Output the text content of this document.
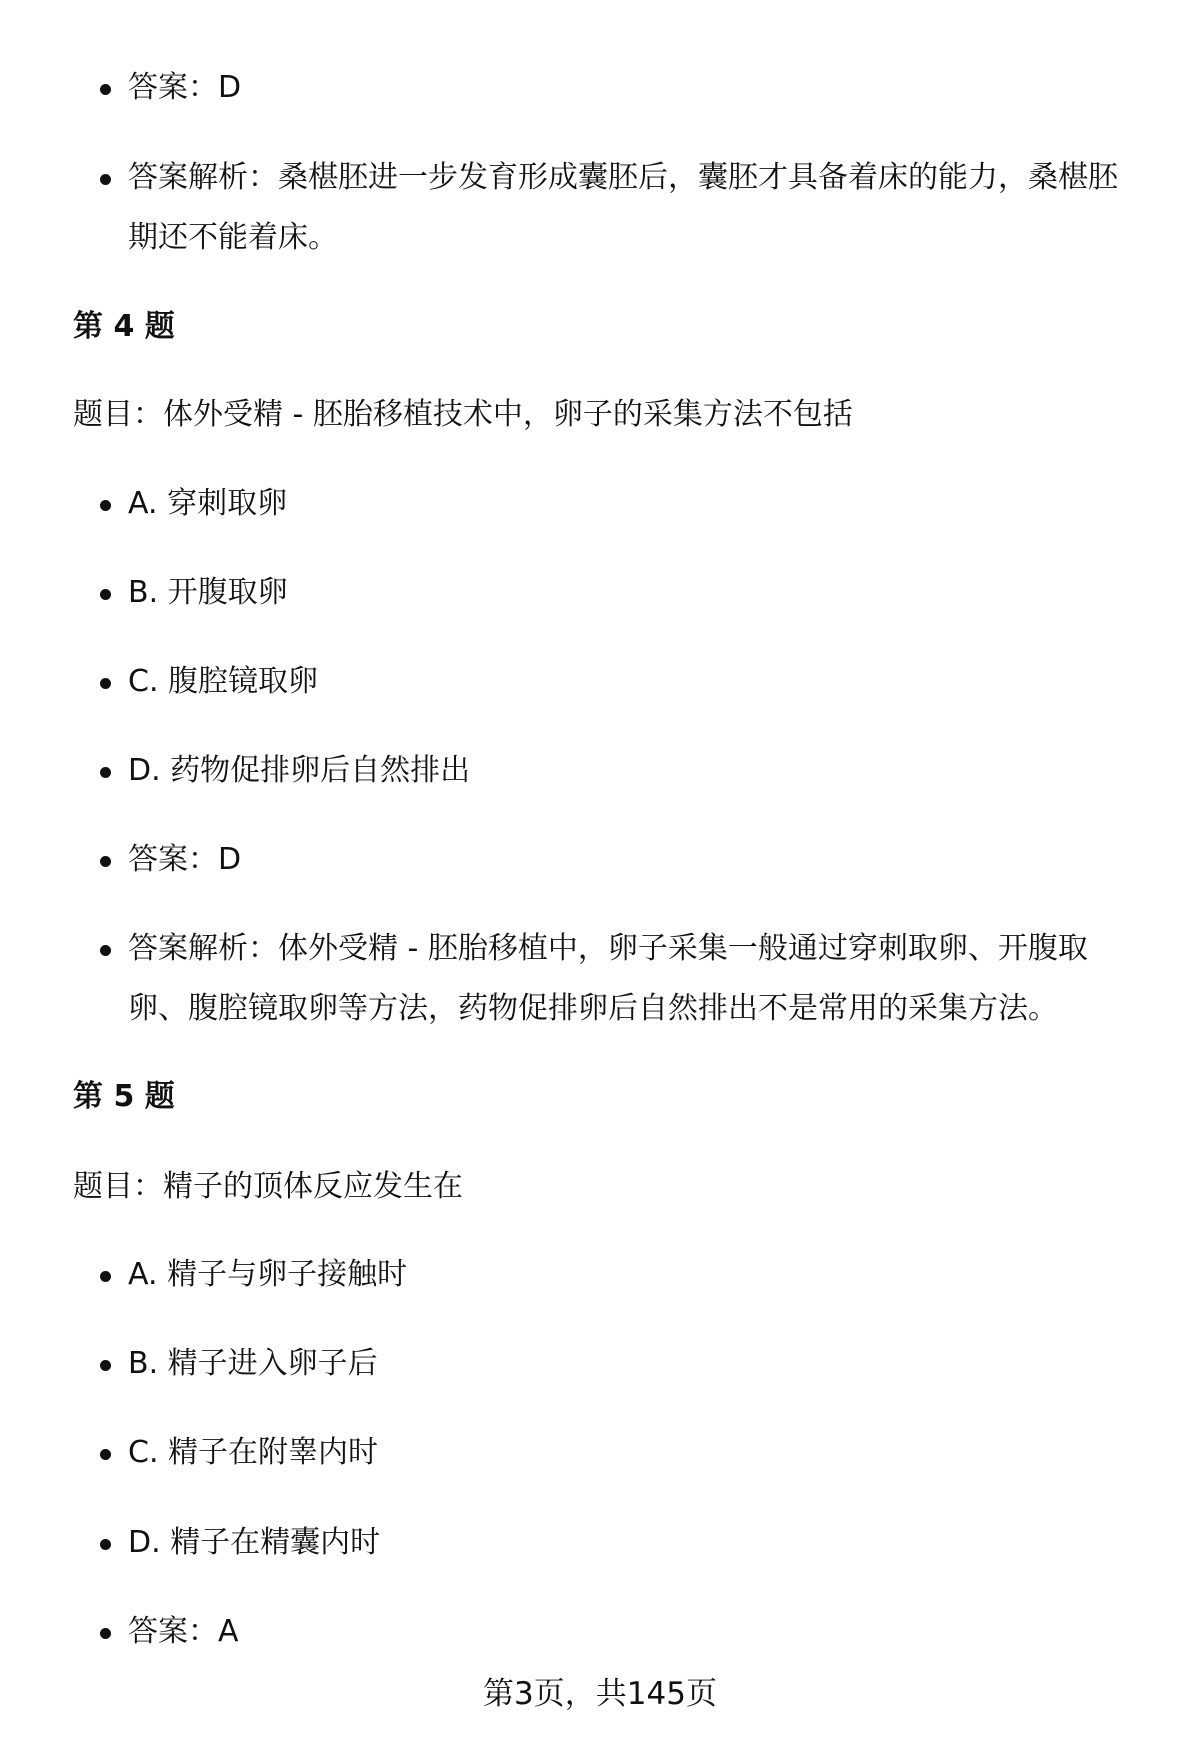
答案：D
答案解析：桑椹胚进一步发育形成囊胚后，囊胚才具备着床的能力，桑椹胚期还不能着床。
第 4 题
题目：体外受精 - 胚胎移植技术中，卵子的采集方法不包括
A. 穿刺取卵
B. 开腹取卵
C. 腹腔镜取卵
D. 药物促排卵后自然排出
答案：D
答案解析：体外受精 - 胚胎移植中，卵子采集一般通过穿刺取卵、开腹取卵、腹腔镜取卵等方法，药物促排卵后自然排出不是常用的采集方法。
第 5 题
题目：精子的顶体反应发生在
A. 精子与卵子接触时
B. 精子进入卵子后
C. 精子在附睾内时
D. 精子在精囊内时
答案：A
第3页，共145页
